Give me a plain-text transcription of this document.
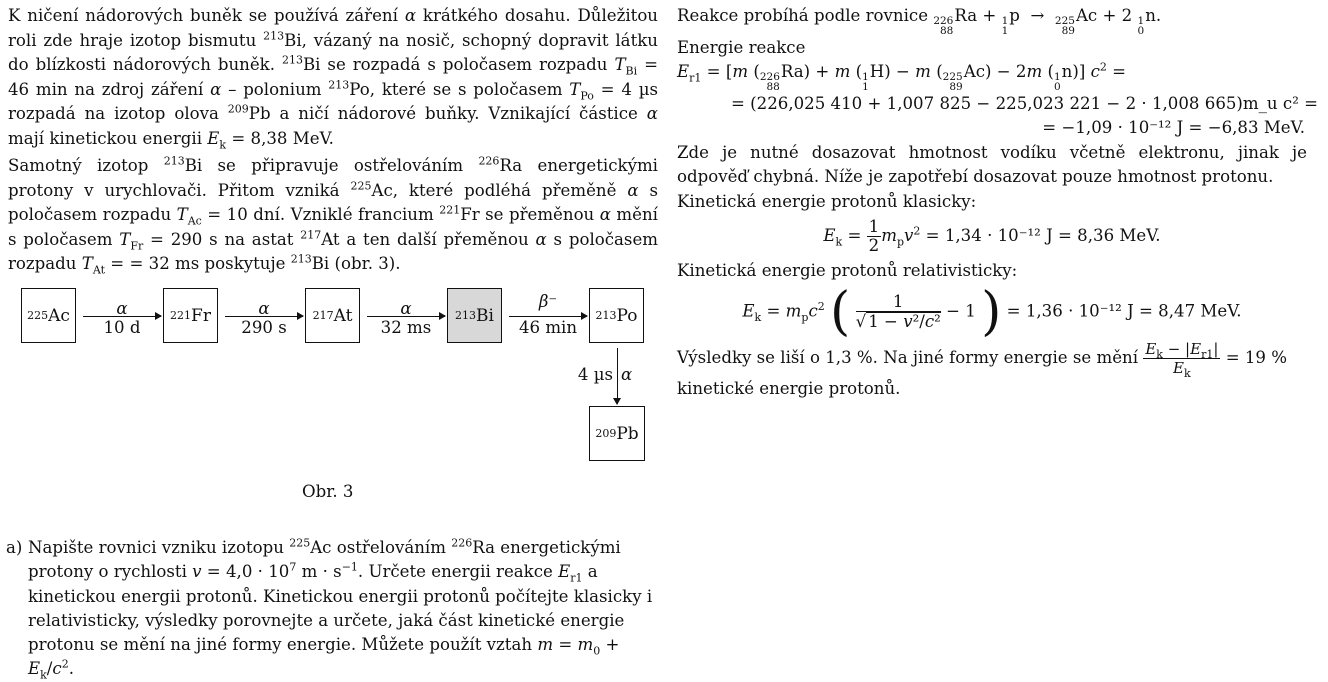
K ničení nádorových buněk se používá záření α krátkého dosahu. Důležitou roli zde hraje izotop bismutu $^{213}$Bi, vázaný na nosič, schopný dopravit látku do blízkosti nádorových buněk. $^{213}$Bi se rozpadá s poločasem rozpadu $T_{Bi} = 46$ min na zdroj záření α – polonium $^{213}$Po, které se s poločasem $T_{Po} = 4$ µs rozpadá na izotop olova $^{209}$Pb a ničí nádorové buňky. Vznikající částice α mají kinetickou energii $E_k = 8,38$ MeV.

Samotný izotop $^{213}$Bi se připravuje ostřelováním $^{226}$Ra energetickými protony v urychlovači. Přitom vzniká $^{225}$Ac, které podléhá přeměně α s poločasem rozpadu $T_{Ac} = 10$ dní. Vzniklé francium $^{221}$Fr se přeměnou α mění s poločasem $T_{Fr} = 290$ s na astat $^{217}$At a ten další přeměnou α s poločasem rozpadu $T_{At}$ = = 32 ms poskytuje $^{213}$Bi (obr. 3).

225 Ac	α
10 d
221 Fr	α
290 s
217 At	α
32 ms
213 Bi
β⁻
46 min
213 Po
4 µs α
209 Pb
Obr. 3
a) Napište rovnici vzniku izotopu $^{225}$Ac ostřelováním $^{226}$Ra energetickými protony o rychlosti $v = 4,0 \cdot 10^7$ $m \cdot s^{-1}$. Určete energii reakce $E_{r1}$ a kinetickou energii protonů. Kinetickou energii protonů počítejte klasicky i relativisticky, výsledky porovnejte a určete, jaká část kinetické energie protonu se mění na jiné formy energie. Můžete použít vztah $m = m_0 + E_k/c^2$.
Reakce probíhá podle rovnice 226
88
Ra + 1
1
p  → 225
89
Ac + 2 1
0
n.
Energie reakce
$E_{r1} = [m$ ( 226
88
Ra) + m ( 1
1
H) − m ( 225
89
Ac) − 2m ( 1
0
n)] $c^2$ =
= (226,025 410 + 1,007 825 − 225,023 221 − 2 · 1,008 665)m_u c² =
= −1,09 · 10⁻¹² J = −6,83 MeV.

Zde je nutné dosazovat hmotnost vodíku včetně elektronu, jinak je odpověď chybná. Níže je zapotřebí dosazovat pouze hmotnost protonu.

Kinetická energie protonů klasicky:
$E_k = \frac{1}{2} m_pv^2 = 1,34 \cdot 10^{-12}$ J = 8,36 MeV.
Kinetická energie protonů relativisticky:
$E_k = m_pc^2$ ( $\frac{1}{\text{√ 1 − v²/c²}} - 1$ ) = 1,36 · 10⁻¹² J = 8,47 MeV.
Výsledky se liší o 1,3 %. Na jiné formy energie se mění $\frac{E_k - |E_{r1}|}{E_k} = 19$ %
kinetické energie protonů.
